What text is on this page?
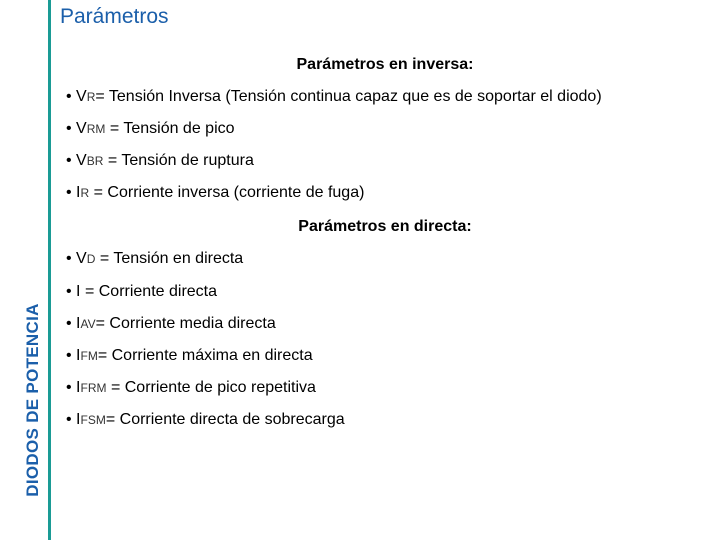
DIODOS DE POTENCIA
Parámetros
Parámetros en inversa:
• VR= Tensión Inversa (Tensión continua capaz que es de soportar el diodo)
• VRM = Tensión de pico
• VBR = Tensión de ruptura
• IR = Corriente inversa (corriente de fuga)
Parámetros en directa:
• VD = Tensión en directa
• I = Corriente directa
• IAV= Corriente media directa
• IFM= Corriente máxima en directa
• IFRM = Corriente de pico repetitiva
• IFSM= Corriente directa de sobrecarga
